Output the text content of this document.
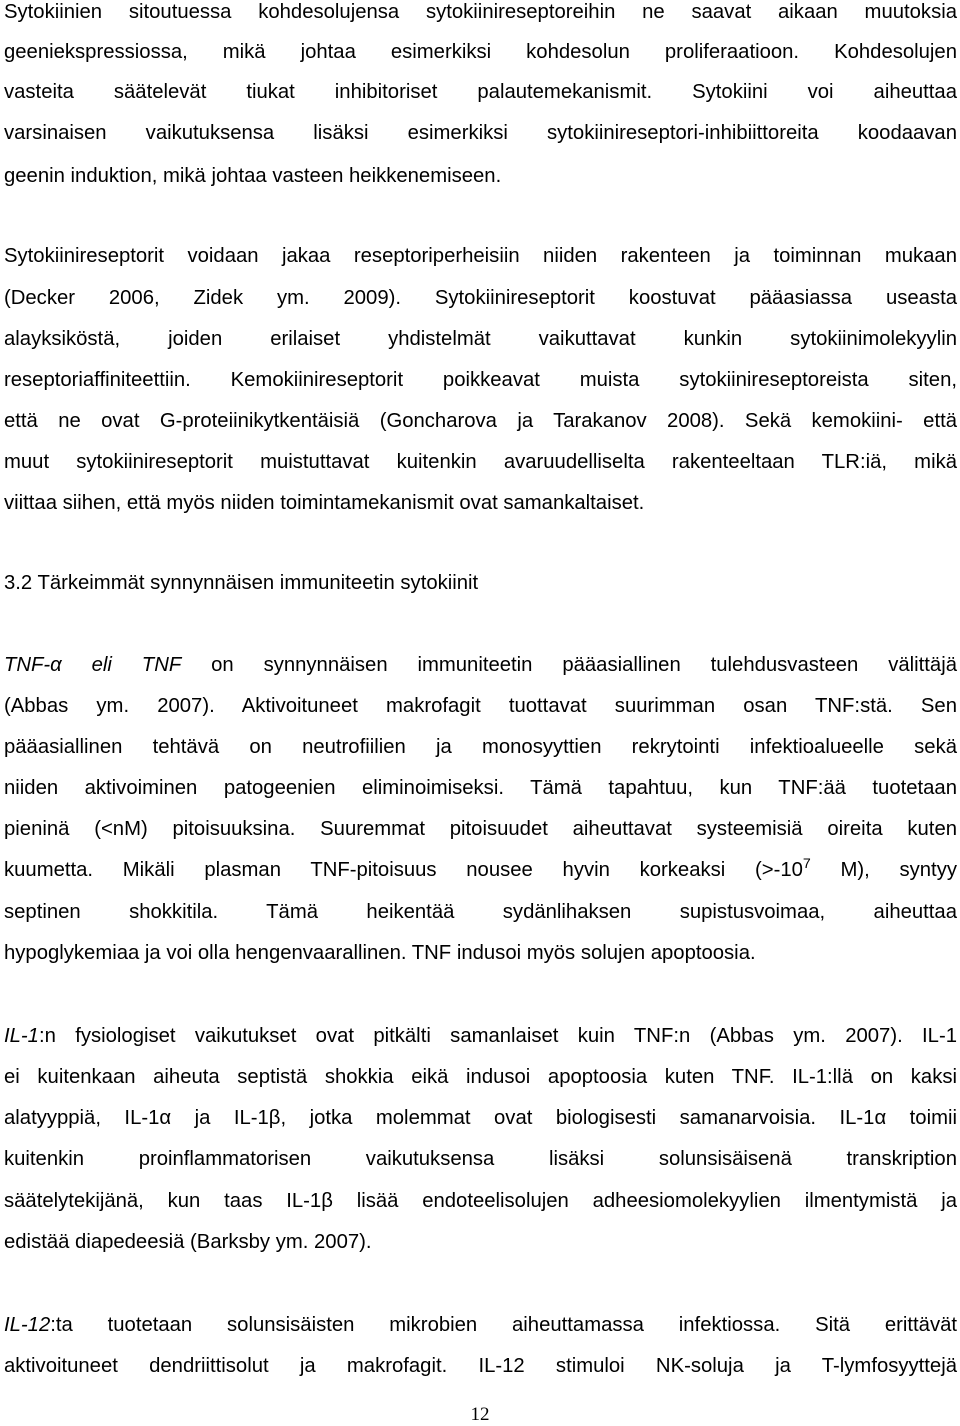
Sytokiinien sitoutuessa kohdesolujensa sytokiinireseptoreihin ne saavat aikaan muutoksia
geeniekspressiossa, mikä johtaa esimerkiksi kohdesolun proliferaatioon. Kohdesolujen
vasteita säätelevät tiukat inhibitoriset palautemekanismit. Sytokiini voi aiheuttaa
varsinaisen vaikutuksensa lisäksi esimerkiksi sytokiinireseptori-inhibiittoreita koodaavan
geenin induktion, mikä johtaa vasteen heikkenemiseen.
Sytokiinireseptorit voidaan jakaa reseptoriperheisiin niiden rakenteen ja toiminnan mukaan
(Decker 2006, Zidek ym. 2009). Sytokiinireseptorit koostuvat pääasiassa useasta
alayksiköstä, joiden erilaiset yhdistelmät vaikuttavat kunkin sytokiinimolekyylin
reseptoriaffiniteettiin. Kemokiinireseptorit poikkeavat muista sytokiinireseptoreista siten,
että ne ovat G-proteiinikytkentäisiä (Goncharova ja Tarakanov 2008). Sekä kemokiini- että
muut sytokiinireseptorit muistuttavat kuitenkin avaruudelliselta rakenteeltaan TLR:iä, mikä
viittaa siihen, että myös niiden toimintamekanismit ovat samankaltaiset.
3.2 Tärkeimmät synnynnäisen immuniteetin sytokiinit
TNF-α eli TNF on synnynnäisen immuniteetin pääasiallinen tulehdusvasteen välittäjä
(Abbas ym. 2007). Aktivoituneet makrofagit tuottavat suurimman osan TNF:stä. Sen
pääasiallinen tehtävä on neutrofiilien ja monosyyttien rekrytointi infektioalueelle sekä
niiden aktivoiminen patogeenien eliminoimiseksi. Tämä tapahtuu, kun TNF:ää tuotetaan
pieninä (<nM) pitoisuuksina. Suuremmat pitoisuudet aiheuttavat systeemisiä oireita kuten
kuumetta. Mikäli plasman TNF-pitoisuus nousee hyvin korkeaksi ($>-10^7$ M), syntyy
septinen shokkitila. Tämä heikentää sydänlihaksen supistusvoimaa, aiheuttaa
hypoglykemiaa ja voi olla hengenvaarallinen. TNF indusoi myös solujen apoptoosia.
IL-1:n fysiologiset vaikutukset ovat pitkälti samanlaiset kuin TNF:n (Abbas ym. 2007). IL-1
ei kuitenkaan aiheuta septistä shokkia eikä indusoi apoptoosia kuten TNF. IL-1:llä on kaksi
alatyyppiä, IL-1α ja IL-1β, jotka molemmat ovat biologisesti samanarvoisia. IL-1α toimii
kuitenkin proinflammatorisen vaikutuksensa lisäksi solunsisäisenä transkription
säätelytekijänä, kun taas IL-1β lisää endoteelisolujen adheesiomolekyylien ilmentymistä ja
edistää diapedeesiä (Barksby ym. 2007).
IL-12:ta tuotetaan solunsisäisten mikrobien aiheuttamassa infektiossa. Sitä erittävät
aktivoituneet dendriittisolut ja makrofagit. IL-12 stimuloi NK-soluja ja T-lymfosyyttejä
12
